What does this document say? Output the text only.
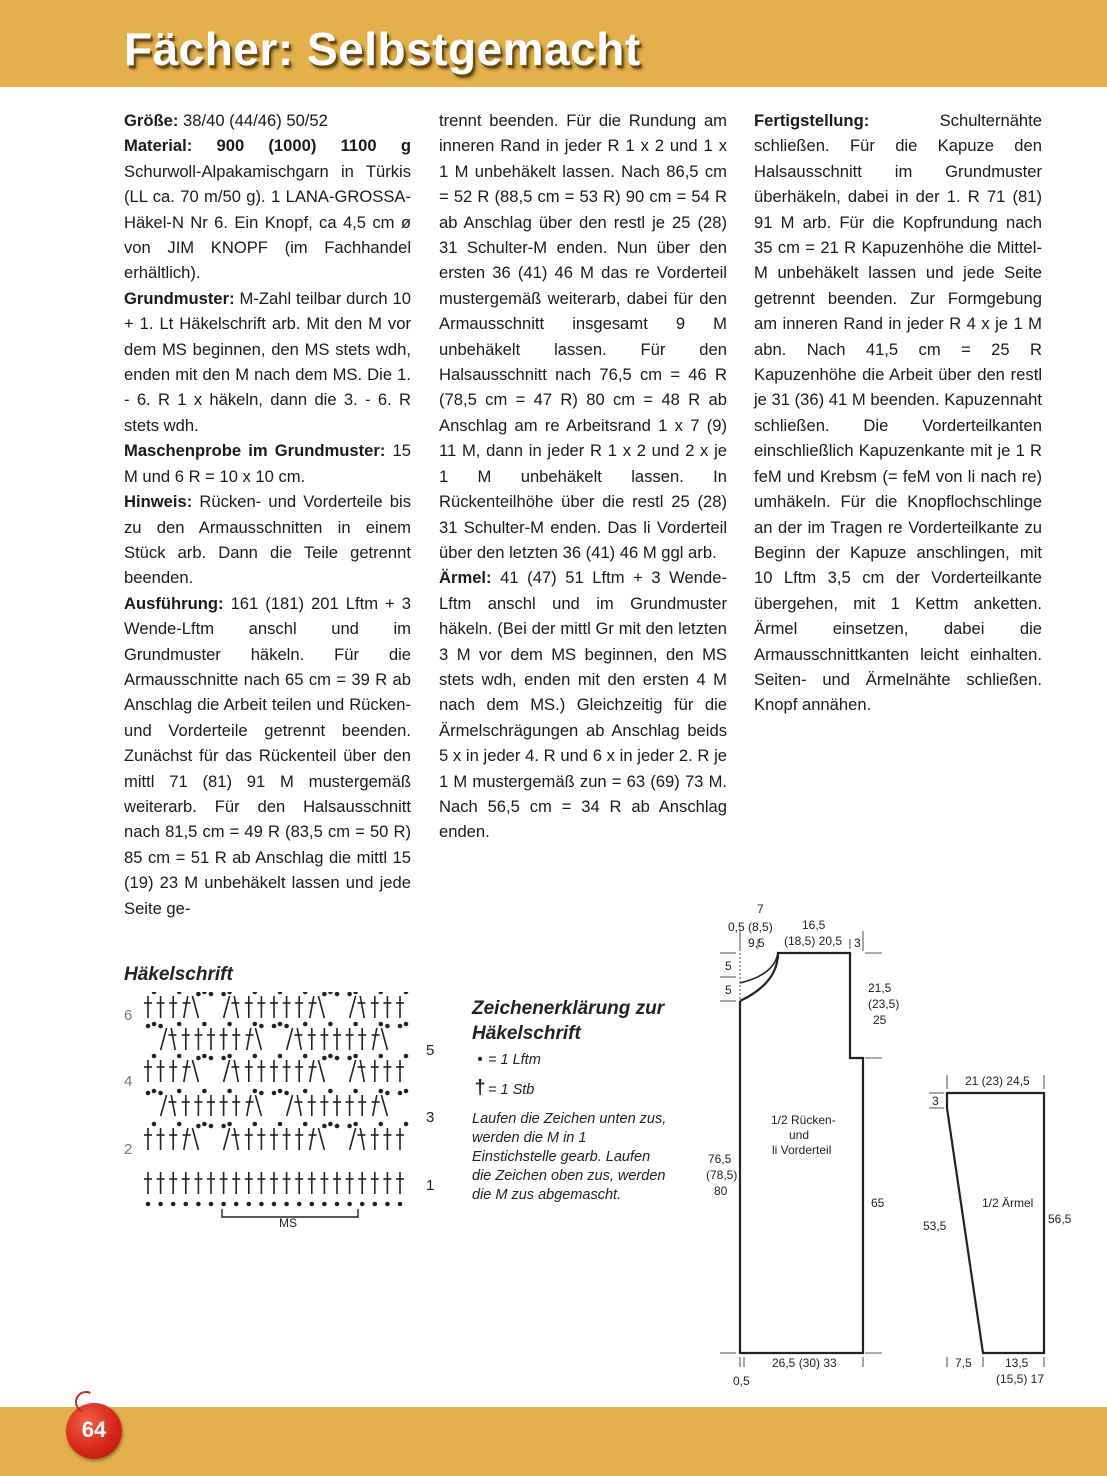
Fächer: Selbstgemacht

Größe: 38/40 (44/46) 50/52

Material: 900 (1000) 1100 g Schurwoll-Alpakamischgarn in Türkis (LL ca. 70 m/50 g). 1 LANA-GROSSA-Häkel-N Nr 6. Ein Knopf, ca 4,5 cm ø von JIM KNOPF (im Fachhandel erhältlich).

Grundmuster: M-Zahl teilbar durch 10 + 1. Lt Häkelschrift arb. Mit den M vor dem MS beginnen, den MS stets wdh, enden mit den M nach dem MS. Die 1. - 6. R 1 x häkeln, dann die 3. - 6. R stets wdh.

Maschenprobe im Grundmuster: 15 M und 6 R = 10 x 10 cm.

Hinweis: Rücken- und Vorderteile bis zu den Armausschnitten in einem Stück arb. Dann die Teile getrennt beenden.

Ausführung: 161 (181) 201 Lftm + 3 Wende-Lftm anschl und im Grundmuster häkeln. Für die Armausschnitte nach 65 cm = 39 R ab Anschlag die Arbeit teilen und Rücken- und Vorderteile getrennt beenden. Zunächst für das Rückenteil über den mittl 71 (81) 91 M mustergemäß weiterarb. Für den Halsausschnitt nach 81,5 cm = 49 R (83,5 cm = 50 R) 85 cm = 51 R ab Anschlag die mittl 15 (19) 23 M unbehäkelt lassen und jede Seite ge-

trennt beenden. Für die Rundung am inneren Rand in jeder R 1 x 2 und 1 x 1 M unbehäkelt lassen. Nach 86,5 cm = 52 R (88,5 cm = 53 R) 90 cm = 54 R ab Anschlag über den restl je 25 (28) 31 Schulter-M enden. Nun über den ersten 36 (41) 46 M das re Vorderteil mustergemäß weiterarb, dabei für den Armausschnitt insgesamt 9 M unbehäkelt lassen. Für den Halsausschnitt nach 76,5 cm = 46 R (78,5 cm = 47 R) 80 cm = 48 R ab Anschlag am re Arbeitsrand 1 x 7 (9) 11 M, dann in jeder R 1 x 2 und 2 x je 1 M unbehäkelt lassen. In Rückenteilhöhe über die restl 25 (28) 31 Schulter-M enden. Das li Vorderteil über den letzten 36 (41) 46 M ggl arb.

Ärmel: 41 (47) 51 Lftm + 3 Wende-Lftm anschl und im Grundmuster häkeln. (Bei der mittl Gr mit den letzten 3 M vor dem MS beginnen, den MS stets wdh, enden mit den ersten 4 M nach dem MS.) Gleichzeitig für die Ärmelschrägungen ab Anschlag beids 5 x in jeder 4. R und 6 x in jeder 2. R je 1 M mustergemäß zun = 63 (69) 73 M. Nach 56,5 cm = 34 R ab Anschlag enden.

Fertigstellung: Schulternähte schließen. Für die Kapuze den Halsausschnitt im Grundmuster überhäkeln, dabei in der 1. R 71 (81) 91 M arb. Für die Kopfrundung nach 35 cm = 21 R Kapuzenhöhe die Mittel-M unbehäkelt lassen und jede Seite getrennt beenden. Zur Formgebung am inneren Rand in jeder R 4 x je 1 M abn. Nach 41,5 cm = 25 R Kapuzenhöhe die Arbeit über den restl je 31 (36) 41 M beenden. Kapuzennaht schließen. Die Vorderteilkanten einschließlich Kapuzenkante mit je 1 R feM und Krebsm (= feM von li nach re) umhäkeln. Für die Knopflochschlinge an der im Tragen re Vorderteilkante zu Beginn der Kapuze anschlingen, mit 10 Lftm 3,5 cm der Vorderteilkante übergehen, mit 1 Kettm anketten. Ärmel einsetzen, dabei die Armausschnittkanten leicht einhalten. Seiten- und Ärmelnähte schließen. Knopf annähen.

Häkelschrift
6
4
2
5
3
1
MS
Zeichenerklärung zur
Häkelschrift
• = 1 Lftm
† = 1 Stb
Laufen die Zeichen unten zus, werden die M in 1 Einstichstelle gearb. Laufen die Zeichen oben zus, werden die M zus abgemascht.
1/2 Rücken-
und
li Vorderteil
7
0,5 (8,5)
9,5
16,5
(18,5) 20,5 3
5
5	21,5
(23,5)
25
76,5
(78,5)
80
65
26,5 (30) 33
0,5
1/2 Ärmel
21 (23) 24,5
3
53,5	56,5
7,5	13,5
(15,5) 17
64
